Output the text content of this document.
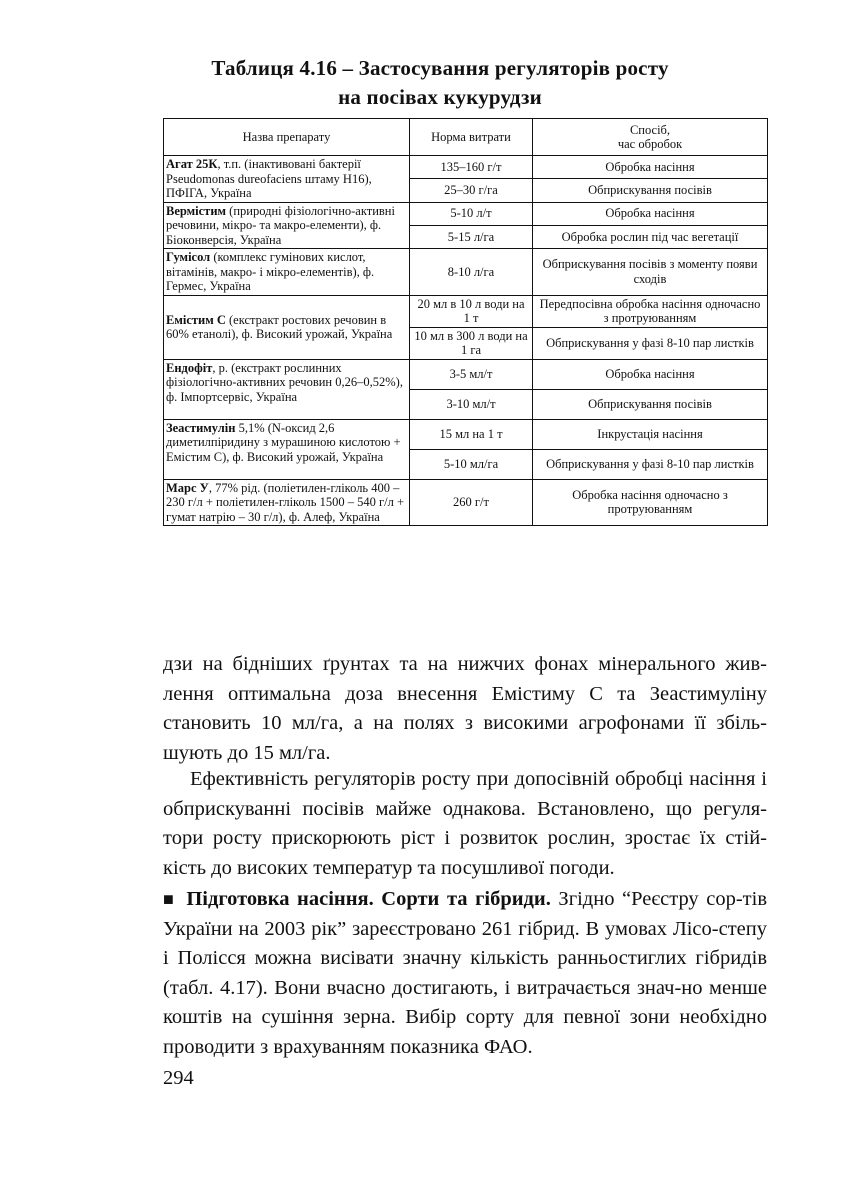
Таблиця 4.16 – Застосування регуляторів росту
на посівах кукурудзи
Назва препарату	Норма витрати	Спосіб,
час обробок
Агат 25К, т.п. (інактивовані бактерії Pseudomonas dureofaciens штаму Н16), ПФІГА, Україна	135–160 г/т	Обробка насіння
	25–30 г/га	Обприскування посівів
Вермістим (природні фізіологічно-активні речовини, мікро- та макро-елементи), ф. Біоконверсія, Україна	5-10 л/т	Обробка насіння
	5-15 л/га	Обробка рослин під час вегетації
Гумісол (комплекс гумінових кислот, вітамінів, макро- і мікро-елементів), ф. Гермес, Україна	8-10 л/га	Обприскування посівів з моменту появи сходів
Емістим С (екстракт ростових речовин в 60% етанолі), ф. Високий урожай, Україна	20 мл в 10 л води на 1 т	Передпосівна обробка насіння одночасно з протруюванням
	10 мл в 300 л води на 1 га	Обприскування у фазі 8-10 пар листків
Ендофіт, р. (екстракт рослинних фізіологічно-активних речовин 0,26–0,52%), ф. Імпортсервіс, Україна	3-5 мл/т	Обробка насіння
	3-10 мл/т	Обприскування посівів
Зеастимулін 5,1% (N-оксид 2,6 диметилпіридину з мурашиною кислотою + Емістим С), ф. Високий урожай, Україна	15 мл на 1 т	Інкрустація насіння
	5-10 мл/га	Обприскування у фазі 8-10 пар листків
Марс У, 77% рід. (поліетилен-гліколь 400 – 230 г/л + поліетилен-гліколь 1500 – 540 г/л + гумат натрію – 30 г/л), ф. Алеф, Україна	260 г/т	Обробка насіння одночасно з протруюванням

дзи на бідніших ґрунтах та на нижчих фонах мінерального жив-лення оптимальна доза внесення Емістиму С та Зеастимуліну становить 10 мл/га, а на полях з високими агрофонами її збіль-шують до 15 мл/га.

Ефективність регуляторів росту при допосівній обробці насіння і обприскуванні посівів майже однакова. Встановлено, що регуля-тори росту прискорюють ріст і розвиток рослин, зростає їх стій-кість до високих температур та посушливої погоди.

■ Підготовка насіння. Сорти та гібриди. Згідно “Реєстру сор-тів України на 2003 рік” зареєстровано 261 гібрид. В умовах Лісо-степу і Полісся можна висівати значну кількість ранньостиглих гібридів (табл. 4.17). Вони вчасно достигають, і витрачається знач-но менше коштів на сушіння зерна. Вибір сорту для певної зони необхідно проводити з врахуванням показника ФАО.

294
